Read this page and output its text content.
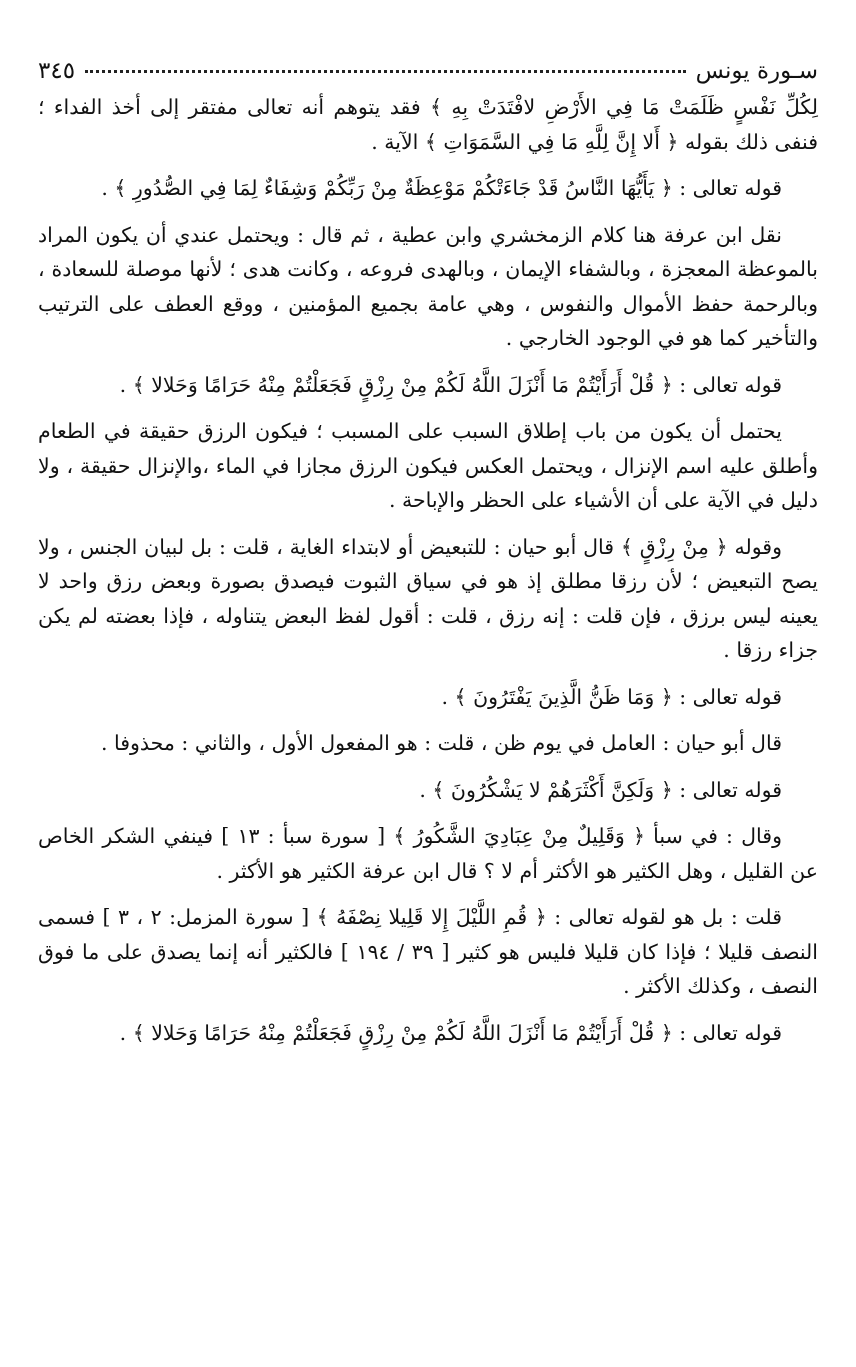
سـورة يونس
٣٤٥

لِكُلِّ نَفْسٍ ظَلَمَتْ مَا فِي الأَرْضِ لافْتَدَتْ بِهِ ﴾ فقد يتوهم أنه تعالى مفتقر إلى أخذ الفداء ؛ فنفى ذلك بقوله ﴿ أَلا إِنَّ لِلَّهِ مَا فِي السَّمَوَاتِ ﴾ الآية .

قوله تعالى : ﴿ يَأَيُّهَا النَّاسُ قَدْ جَاءَتْكُمْ مَوْعِظَةٌ مِنْ رَبِّكُمْ وَشِفَاءٌ لِمَا فِي الصُّدُورِ ﴾ .

نقل ابن عرفة هنا كلام الزمخشري وابن عطية ، ثم قال : ويحتمل عندي أن يكون المراد بالموعظة المعجزة ، وبالشفاء الإيمان ، وبالهدى فروعه ، وكانت هدى ؛ لأنها موصلة للسعادة ، وبالرحمة حفظ الأموال والنفوس ، وهي عامة بجميع المؤمنين ، ووقع العطف على الترتيب والتأخير كما هو في الوجود الخارجي .

قوله تعالى : ﴿ قُلْ أَرَأَيْتُمْ مَا أَنْزَلَ اللَّهُ لَكُمْ مِنْ رِزْقٍ فَجَعَلْتُمْ مِنْهُ حَرَامًا وَحَلالا ﴾ .

يحتمل أن يكون من باب إطلاق السبب على المسبب ؛ فيكون الرزق حقيقة في الطعام وأطلق عليه اسم الإنزال ، ويحتمل العكس فيكون الرزق مجازا في الماء ،والإنزال حقيقة ، ولا دليل في الآية على أن الأشياء على الحظر والإباحة .

وقوله ﴿ مِنْ رِزْقٍ ﴾ قال أبو حيان : للتبعيض أو لابتداء الغاية ، قلت : بل لبيان الجنس ، ولا يصح التبعيض ؛ لأن رزقا مطلق إذ هو في سياق الثبوت فيصدق بصورة وبعض رزق واحد لا يعينه ليس برزق ، فإن قلت : إنه رزق ، قلت : أقول لفظ البعض يتناوله ، فإذا بعضته لم يكن جزاء رزقا .

قوله تعالى : ﴿ وَمَا ظَنُّ الَّذِينَ يَفْتَرُونَ ﴾ .

قال أبو حيان : العامل في يوم ظن ، قلت : هو المفعول الأول ، والثاني : محذوفا .

قوله تعالى : ﴿ وَلَكِنَّ أَكْثَرَهُمْ لا يَشْكُرُونَ ﴾ .

وقال : في سبأ ﴿ وَقَلِيلٌ مِنْ عِبَادِيَ الشَّكُورُ ﴾ [ سورة سبأ : ١٣ ] فينفي الشكر الخاص عن القليل ، وهل الكثير هو الأكثر أم لا ؟ قال ابن عرفة الكثير هو الأكثر .

قلت : بل هو لقوله تعالى : ﴿ قُمِ اللَّيْلَ إِلا قَلِيلا نِصْفَهُ ﴾ [ سورة المزمل: ٢ ، ٣ ] فسمى النصف قليلا ؛ فإذا كان قليلا فليس هو كثير [ ٣٩ / ١٩٤ ] فالكثير أنه إنما يصدق على ما فوق النصف ، وكذلك الأكثر .

قوله تعالى : ﴿ قُلْ أَرَأَيْتُمْ مَا أَنْزَلَ اللَّهُ لَكُمْ مِنْ رِزْقٍ فَجَعَلْتُمْ مِنْهُ حَرَامًا وَحَلالا ﴾ .
